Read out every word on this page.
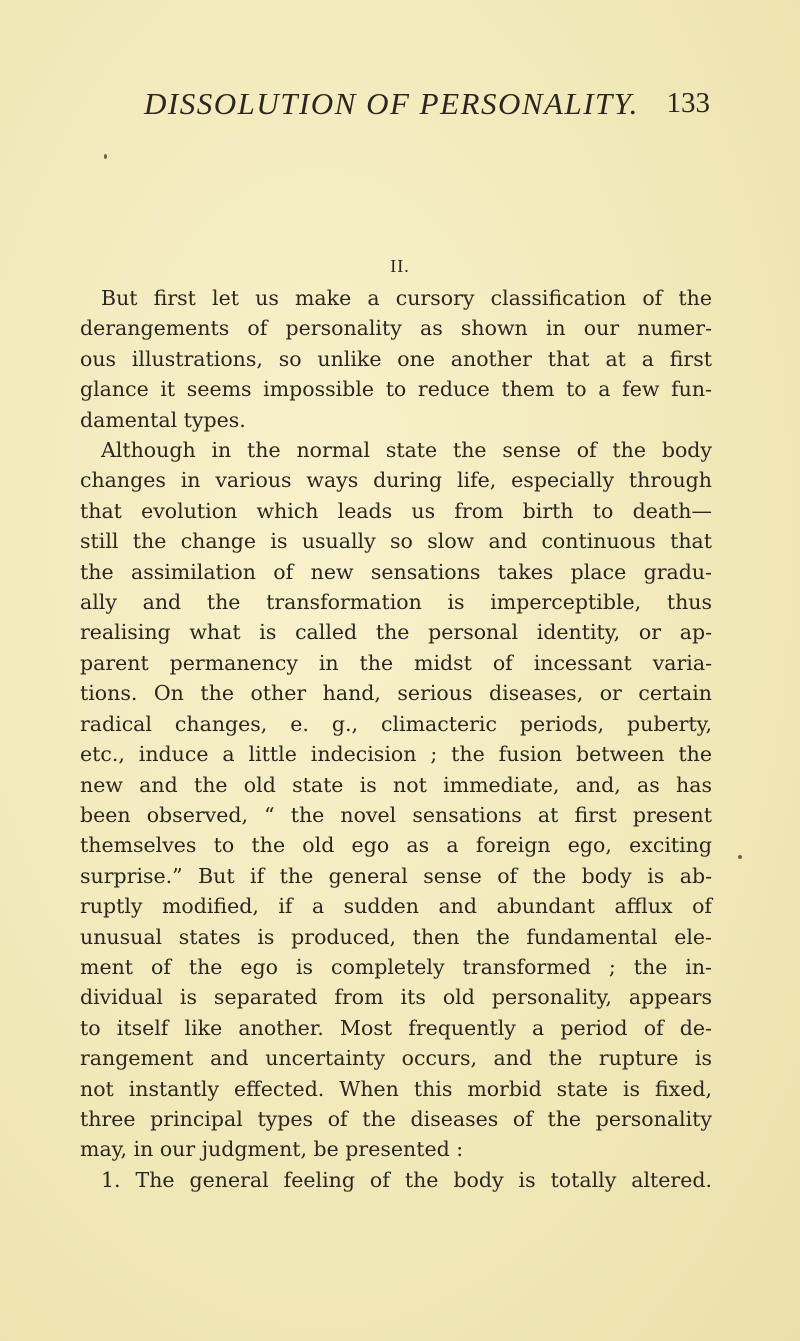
DISSOLUTION OF PERSONALITY. 133
II.
But first let us make a cursory classification of the
derangements of personality as shown in our numer-
ous illustrations, so unlike one another that at a first
glance it seems impossible to reduce them to a few fun-
damental types.
Although in the normal state the sense of the body
changes in various ways during life, especially through
that evolution which leads us from birth to death—
still the change is usually so slow and continuous that
the assimilation of new sensations takes place gradu-
ally and the transformation is imperceptible, thus
realising what is called the personal identity, or ap-
parent permanency in the midst of incessant varia-
tions. On the other hand, serious diseases, or certain
radical changes, e. g., climacteric periods, puberty,
etc., induce a little indecision ; the fusion between the
new and the old state is not immediate, and, as has
been observed, “ the novel sensations at first present
themselves to the old ego as a foreign ego, exciting
surprise.” But if the general sense of the body is ab-
ruptly modified, if a sudden and abundant afflux of
unusual states is produced, then the fundamental ele-
ment of the ego is completely transformed ; the in-
dividual is separated from its old personality, appears
to itself like another. Most frequently a period of de-
rangement and uncertainty occurs, and the rupture is
not instantly effected. When this morbid state is fixed,
three principal types of the diseases of the personality
may, in our judgment, be presented :
1. The general feeling of the body is totally altered.
